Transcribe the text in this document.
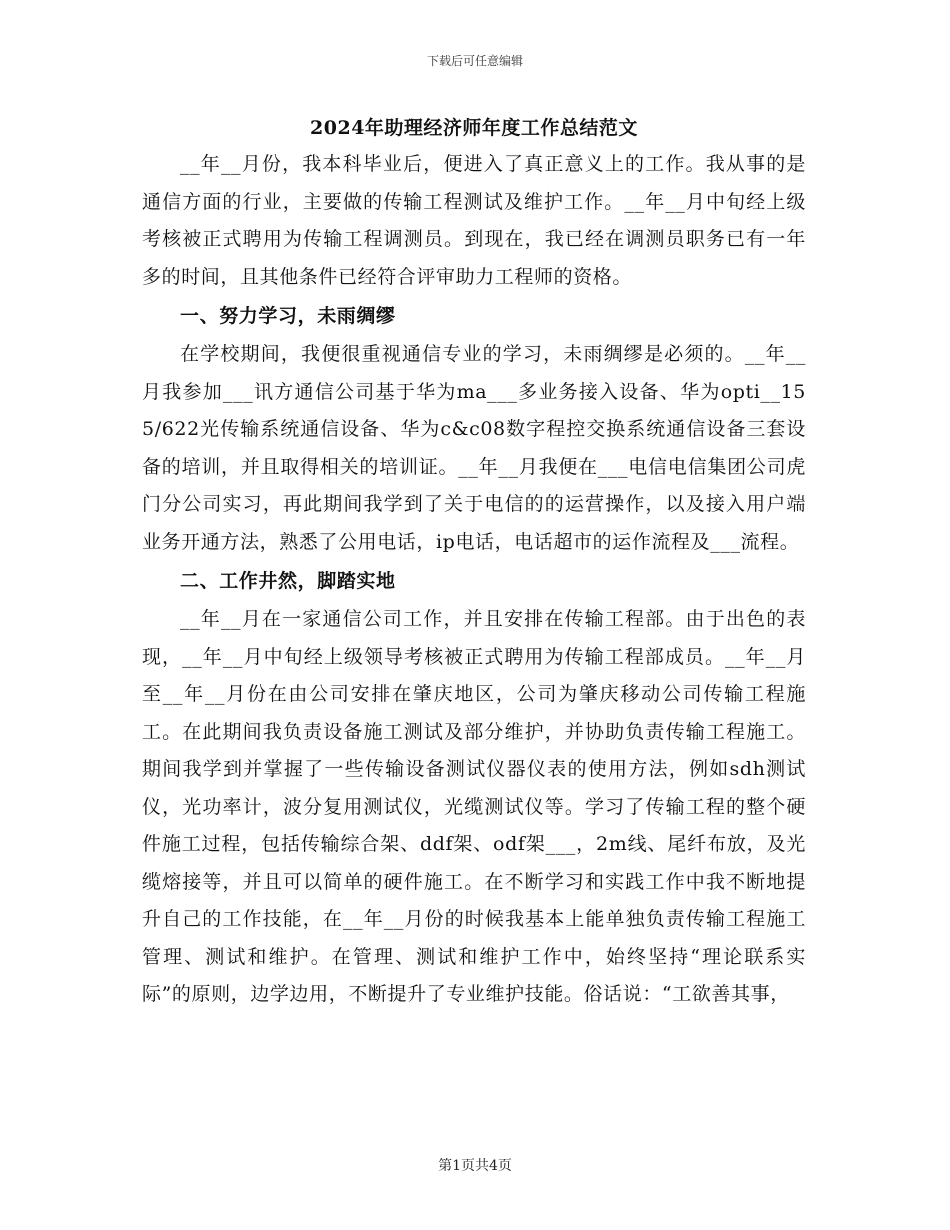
下载后可任意编辑
2024年助理经济师年度工作总结范文

__年__月份，我本科毕业后，便进入了真正意义上的工作。我从事的是通信方面的行业，主要做的传输工程测试及维护工作。__年__月中旬经上级考核被正式聘用为传输工程调测员。到现在，我已经在调测员职务已有一年多的时间，且其他条件已经符合评审助力工程师的资格。

一、努力学习，未雨绸缪

在学校期间，我便很重视通信专业的学习，未雨绸缪是必须的。__年__月我参加___讯方通信公司基于华为ma___多业务接入设备、华为opti__155/622光传输系统通信设备、华为c&c08数字程控交换系统通信设备三套设备的培训，并且取得相关的培训证。__年__月我便在___电信电信集团公司虎门分公司实习，再此期间我学到了关于电信的的运营操作，以及接入用户端业务开通方法，熟悉了公用电话，ip电话，电话超市的运作流程及___流程。

二、工作井然，脚踏实地

__年__月在一家通信公司工作，并且安排在传输工程部。由于出色的表现，__年__月中旬经上级领导考核被正式聘用为传输工程部成员。__年__月至__年__月份在由公司安排在肇庆地区，公司为肇庆移动公司传输工程施工。在此期间我负责设备施工测试及部分维护，并协助负责传输工程施工。期间我学到并掌握了一些传输设备测试仪器仪表的使用方法，例如sdh测试仪，光功率计，波分复用测试仪，光缆测试仪等。学习了传输工程的整个硬件施工过程，包括传输综合架、ddf架、odf架___，2m线、尾纤布放，及光缆熔接等，并且可以简单的硬件施工。在不断学习和实践工作中我不断地提升自己的工作技能，在__年__月份的时候我基本上能单独负责传输工程施工管理、测试和维护。在管理、测试和维护工作中，始终坚持“理论联系实际”的原则，边学边用，不断提升了专业维护技能。俗话说：“工欲善其事，

第1页共4页
